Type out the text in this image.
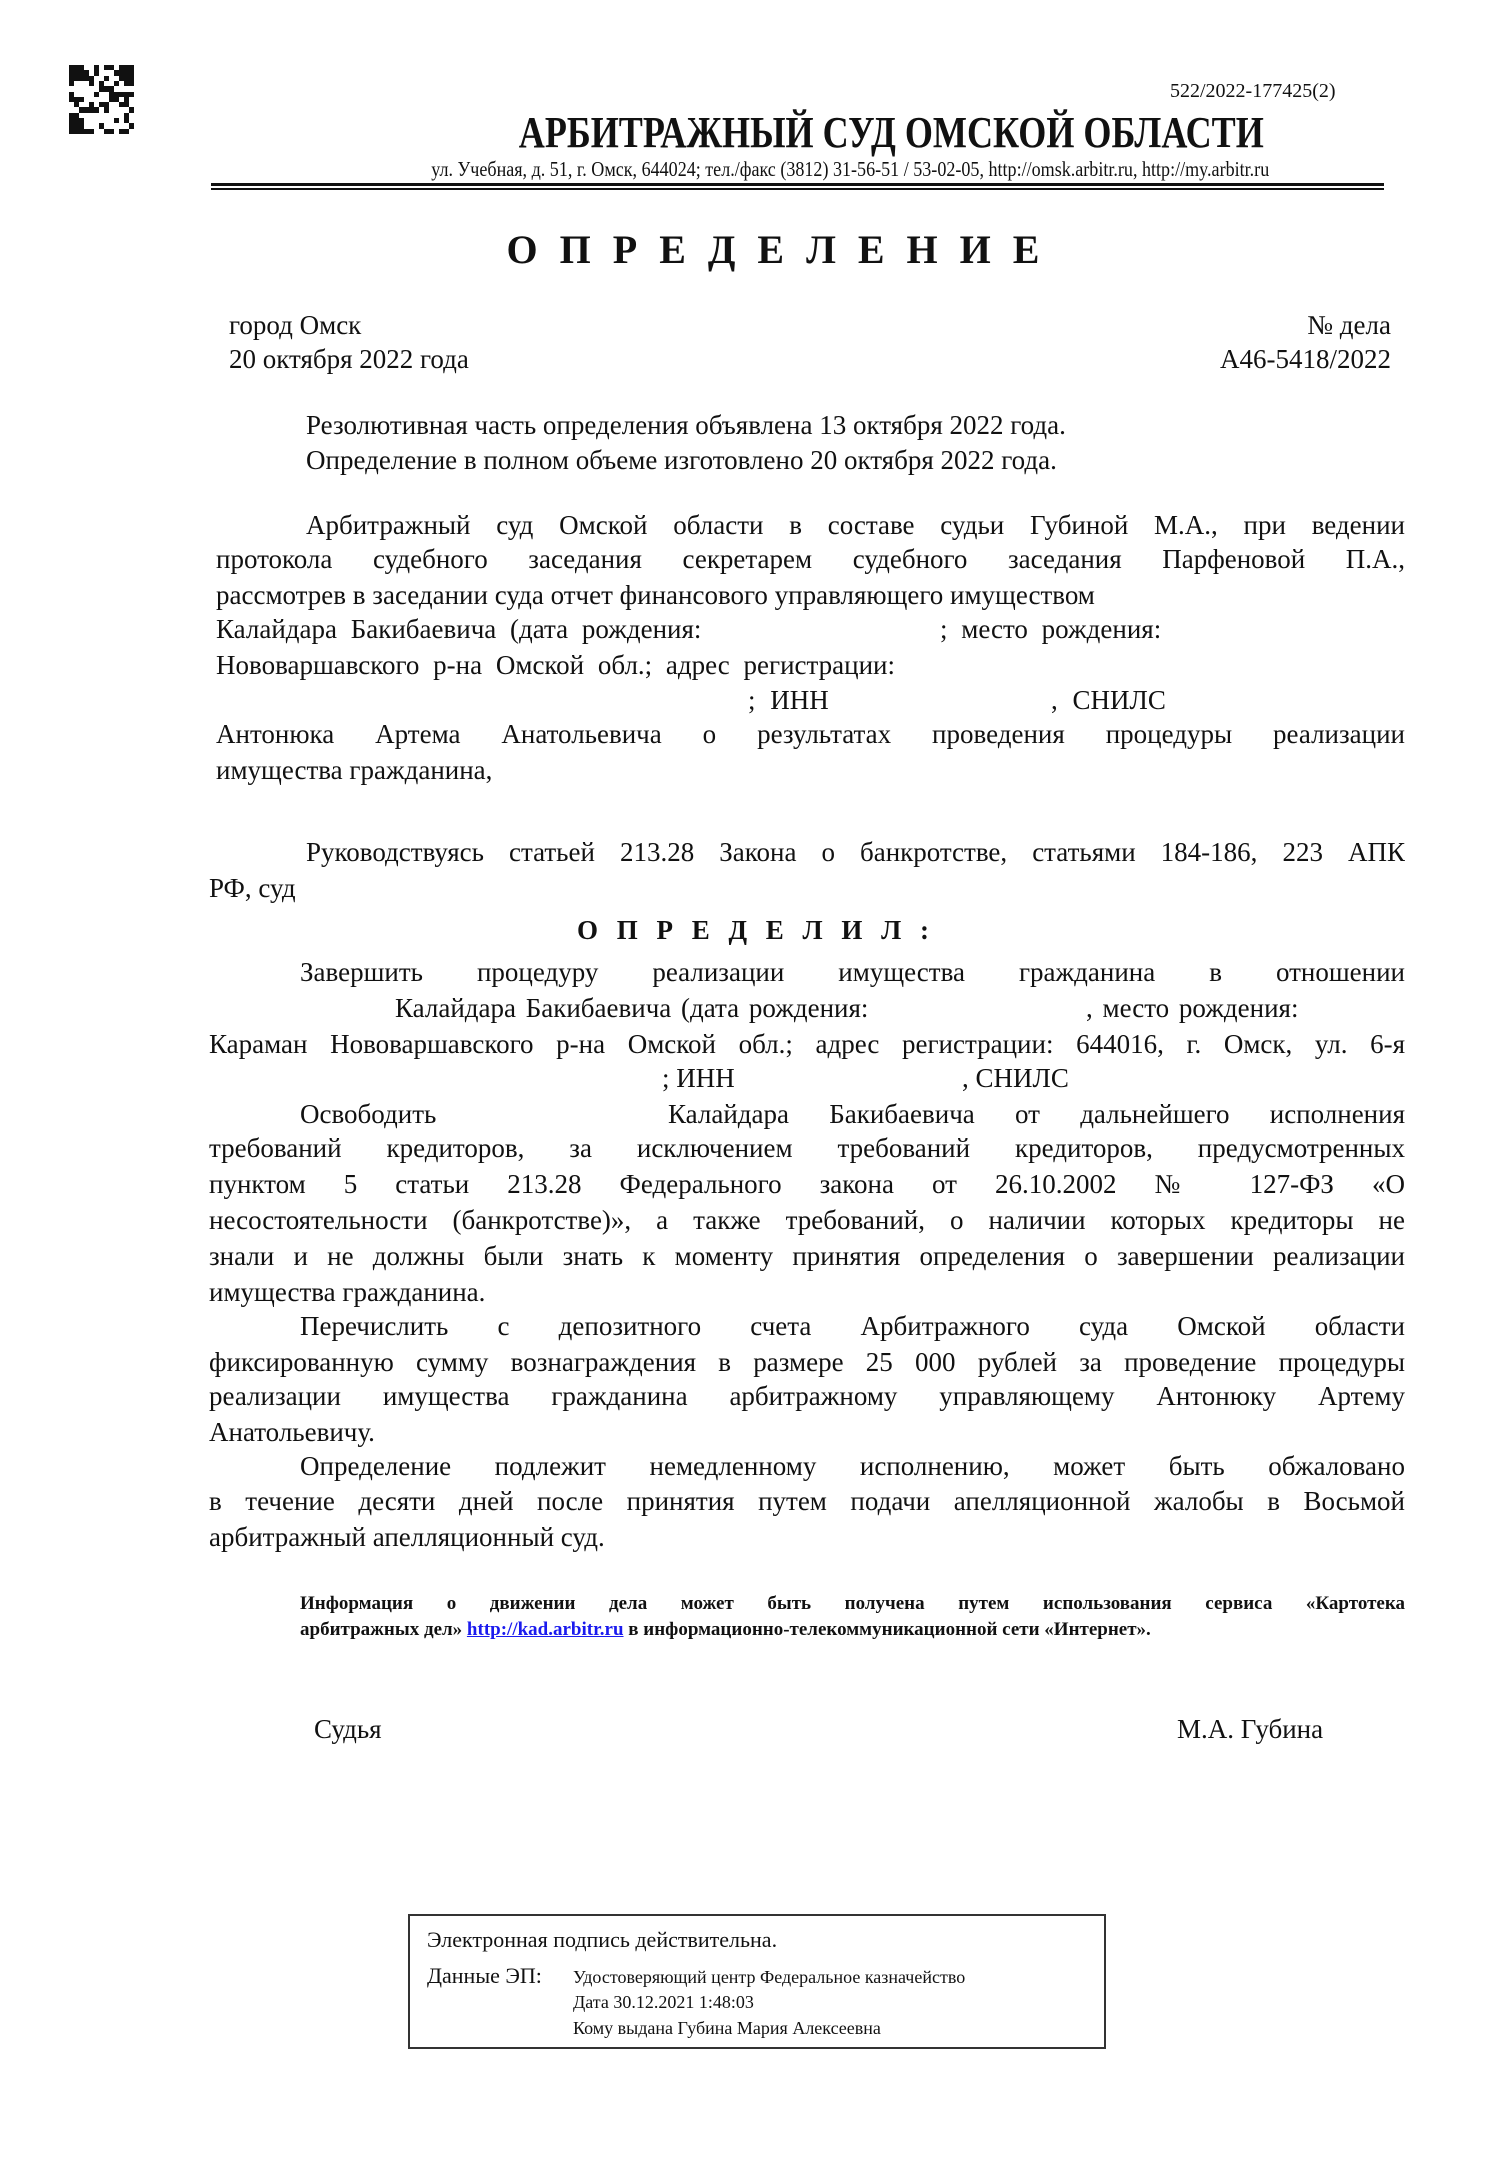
522/2022-177425(2)
АРБИТРАЖНЫЙ СУД ОМСКОЙ ОБЛАСТИ
ул. Учебная, д. 51, г. Омск, 644024; тел./факс (3812) 31-56-51 / 53-02-05, http://omsk.arbitr.ru, http://my.arbitr.ru
О П Р Е Д Е Л Е Н И Е
город Омск
20 октября 2022 года
№ дела
А46-5418/2022
Резолютивная часть определения объявлена 13 октября 2022 года.
Определение в полном объеме изготовлено 20 октября 2022 года.
Арбитражный суд Омской области в составе судьи Губиной М.А., при ведении
протокола судебного заседания секретарем судебного заседания Парфеновой П.А.,
рассмотрев в заседании суда отчет финансового управляющего имуществом
Калайдара Бакибаевича (дата рождения:	; место рождения:
Нововаршавского р-на Омской обл.; адрес регистрации:
; ИНН	, СНИЛС
Антонюка Артема Анатольевича о результатах проведения процедуры реализации
имущества гражданина,
Руководствуясь статьей 213.28 Закона о банкротстве, статьями 184-186, 223 АПК
РФ, суд
О П Р Е Д Е Л И Л :
Завершить процедуру реализации имущества гражданина в отношении
Калайдара Бакибаевича (дата рождения:	, место рождения:
Караман Нововаршавского р-на Омской обл.; адрес регистрации: 644016, г. Омск, ул. 6-я
; ИНН	, СНИЛС
Освободить	Калайдара Бакибаевича от дальнейшего исполнения
требований кредиторов, за исключением требований кредиторов, предусмотренных
пунктом 5 статьи 213.28 Федерального закона от 26.10.2002 № 127-ФЗ «О
несостоятельности (банкротстве)», а также требований, о наличии которых кредиторы не
знали и не должны были знать к моменту принятия определения о завершении реализации
имущества гражданина.
Перечислить с депозитного счета Арбитражного суда Омской области
фиксированную сумму вознаграждения в размере 25 000 рублей за проведение процедуры
реализации имущества гражданина арбитражному управляющему Антонюку Артему
Анатольевичу.
Определение подлежит немедленному исполнению, может быть обжаловано
в течение десяти дней после принятия путем подачи апелляционной жалобы в Восьмой
арбитражный апелляционный суд.
Информация о движении дела может быть получена путем использования сервиса «Картотека
арбитражных дел» http://kad.arbitr.ru в информационно-телекоммуникационной сети «Интернет».
Судья	М.А. Губина
Электронная подпись действительна.
Данные ЭП: Удостоверяющий центр Федеральное казначейство
Дата 30.12.2021 1:48:03
Кому выдана Губина Мария Алексеевна
